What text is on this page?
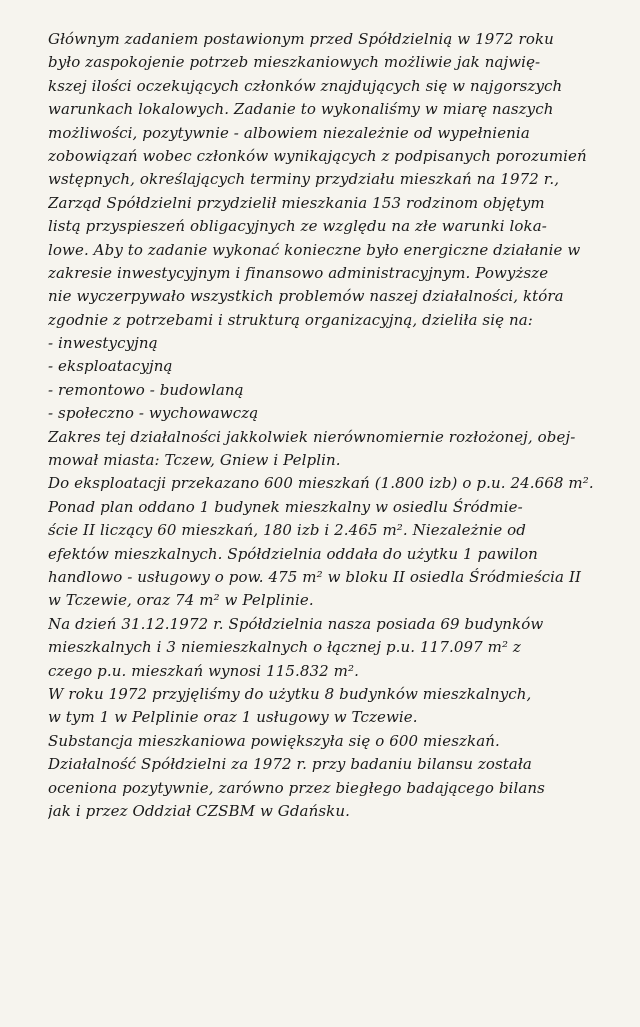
Głównym zadaniem postawionym przed Spółdzielnią w 1972 roku
było zaspokojenie potrzeb mieszkaniowych możliwie jak najwię-
kszej ilości oczekujących członków znajdujących się w najgorszych
warunkach lokalowych. Zadanie to wykonaliśmy w miarę naszych
możliwości, pozytywnie - albowiem niezależnie od wypełnienia
zobowiązań wobec członków wynikających z podpisanych porozumień
wstępnych, określających terminy przydziału mieszkań na 1972 r.,
Zarząd Spółdzielni przydzielił mieszkania 153 rodzinom objętym
listą przyspieszeń obligacyjnych ze względu na złe warunki loka-
lowe. Aby to zadanie wykonać konieczne było energiczne działanie w
zakresie inwestycyjnym i finansowo administracyjnym. Powyższe
nie wyczerpywało wszystkich problemów naszej działalności, która
zgodnie z potrzebami i strukturą organizacyjną, dzieliła się na:
- inwestycyjną
- eksploatacyjną
- remontowo - budowlaną
- społeczno - wychowawczą
Zakres tej działalności jakkolwiek nierównomiernie rozłożonej, obej-
mował miasta: Tczew, Gniew i Pelplin.
Do eksploatacji przekazano 600 mieszkań (1.800 izb) o p.u. 24.668 m².
Ponad plan oddano 1 budynek mieszkalny w osiedlu Śródmie-
ście II liczący 60 mieszkań, 180 izb i 2.465 m². Niezależnie od
efektów mieszkalnych. Spółdzielnia oddała do użytku 1 pawilon
handlowo - usługowy o pow. 475 m² w bloku II osiedla Śródmieścia II
w Tczewie, oraz 74 m² w Pelplinie.
Na dzień 31.12.1972 r. Spółdzielnia nasza posiada 69 budynków
mieszkalnych i 3 niemieszkalnych o łącznej p.u. 117.097 m² z
czego p.u. mieszkań wynosi 115.832 m².
W roku 1972 przyjęliśmy do użytku 8 budynków mieszkalnych,
w tym 1 w Pelplinie oraz 1 usługowy w Tczewie.
Substancja mieszkaniowa powiększyła się o 600 mieszkań.
Działalność Spółdzielni za 1972 r. przy badaniu bilansu została
oceniona pozytywnie, zarówno przez biegłego badającego bilans
jak i przez Oddział CZSBM w Gdańsku.
